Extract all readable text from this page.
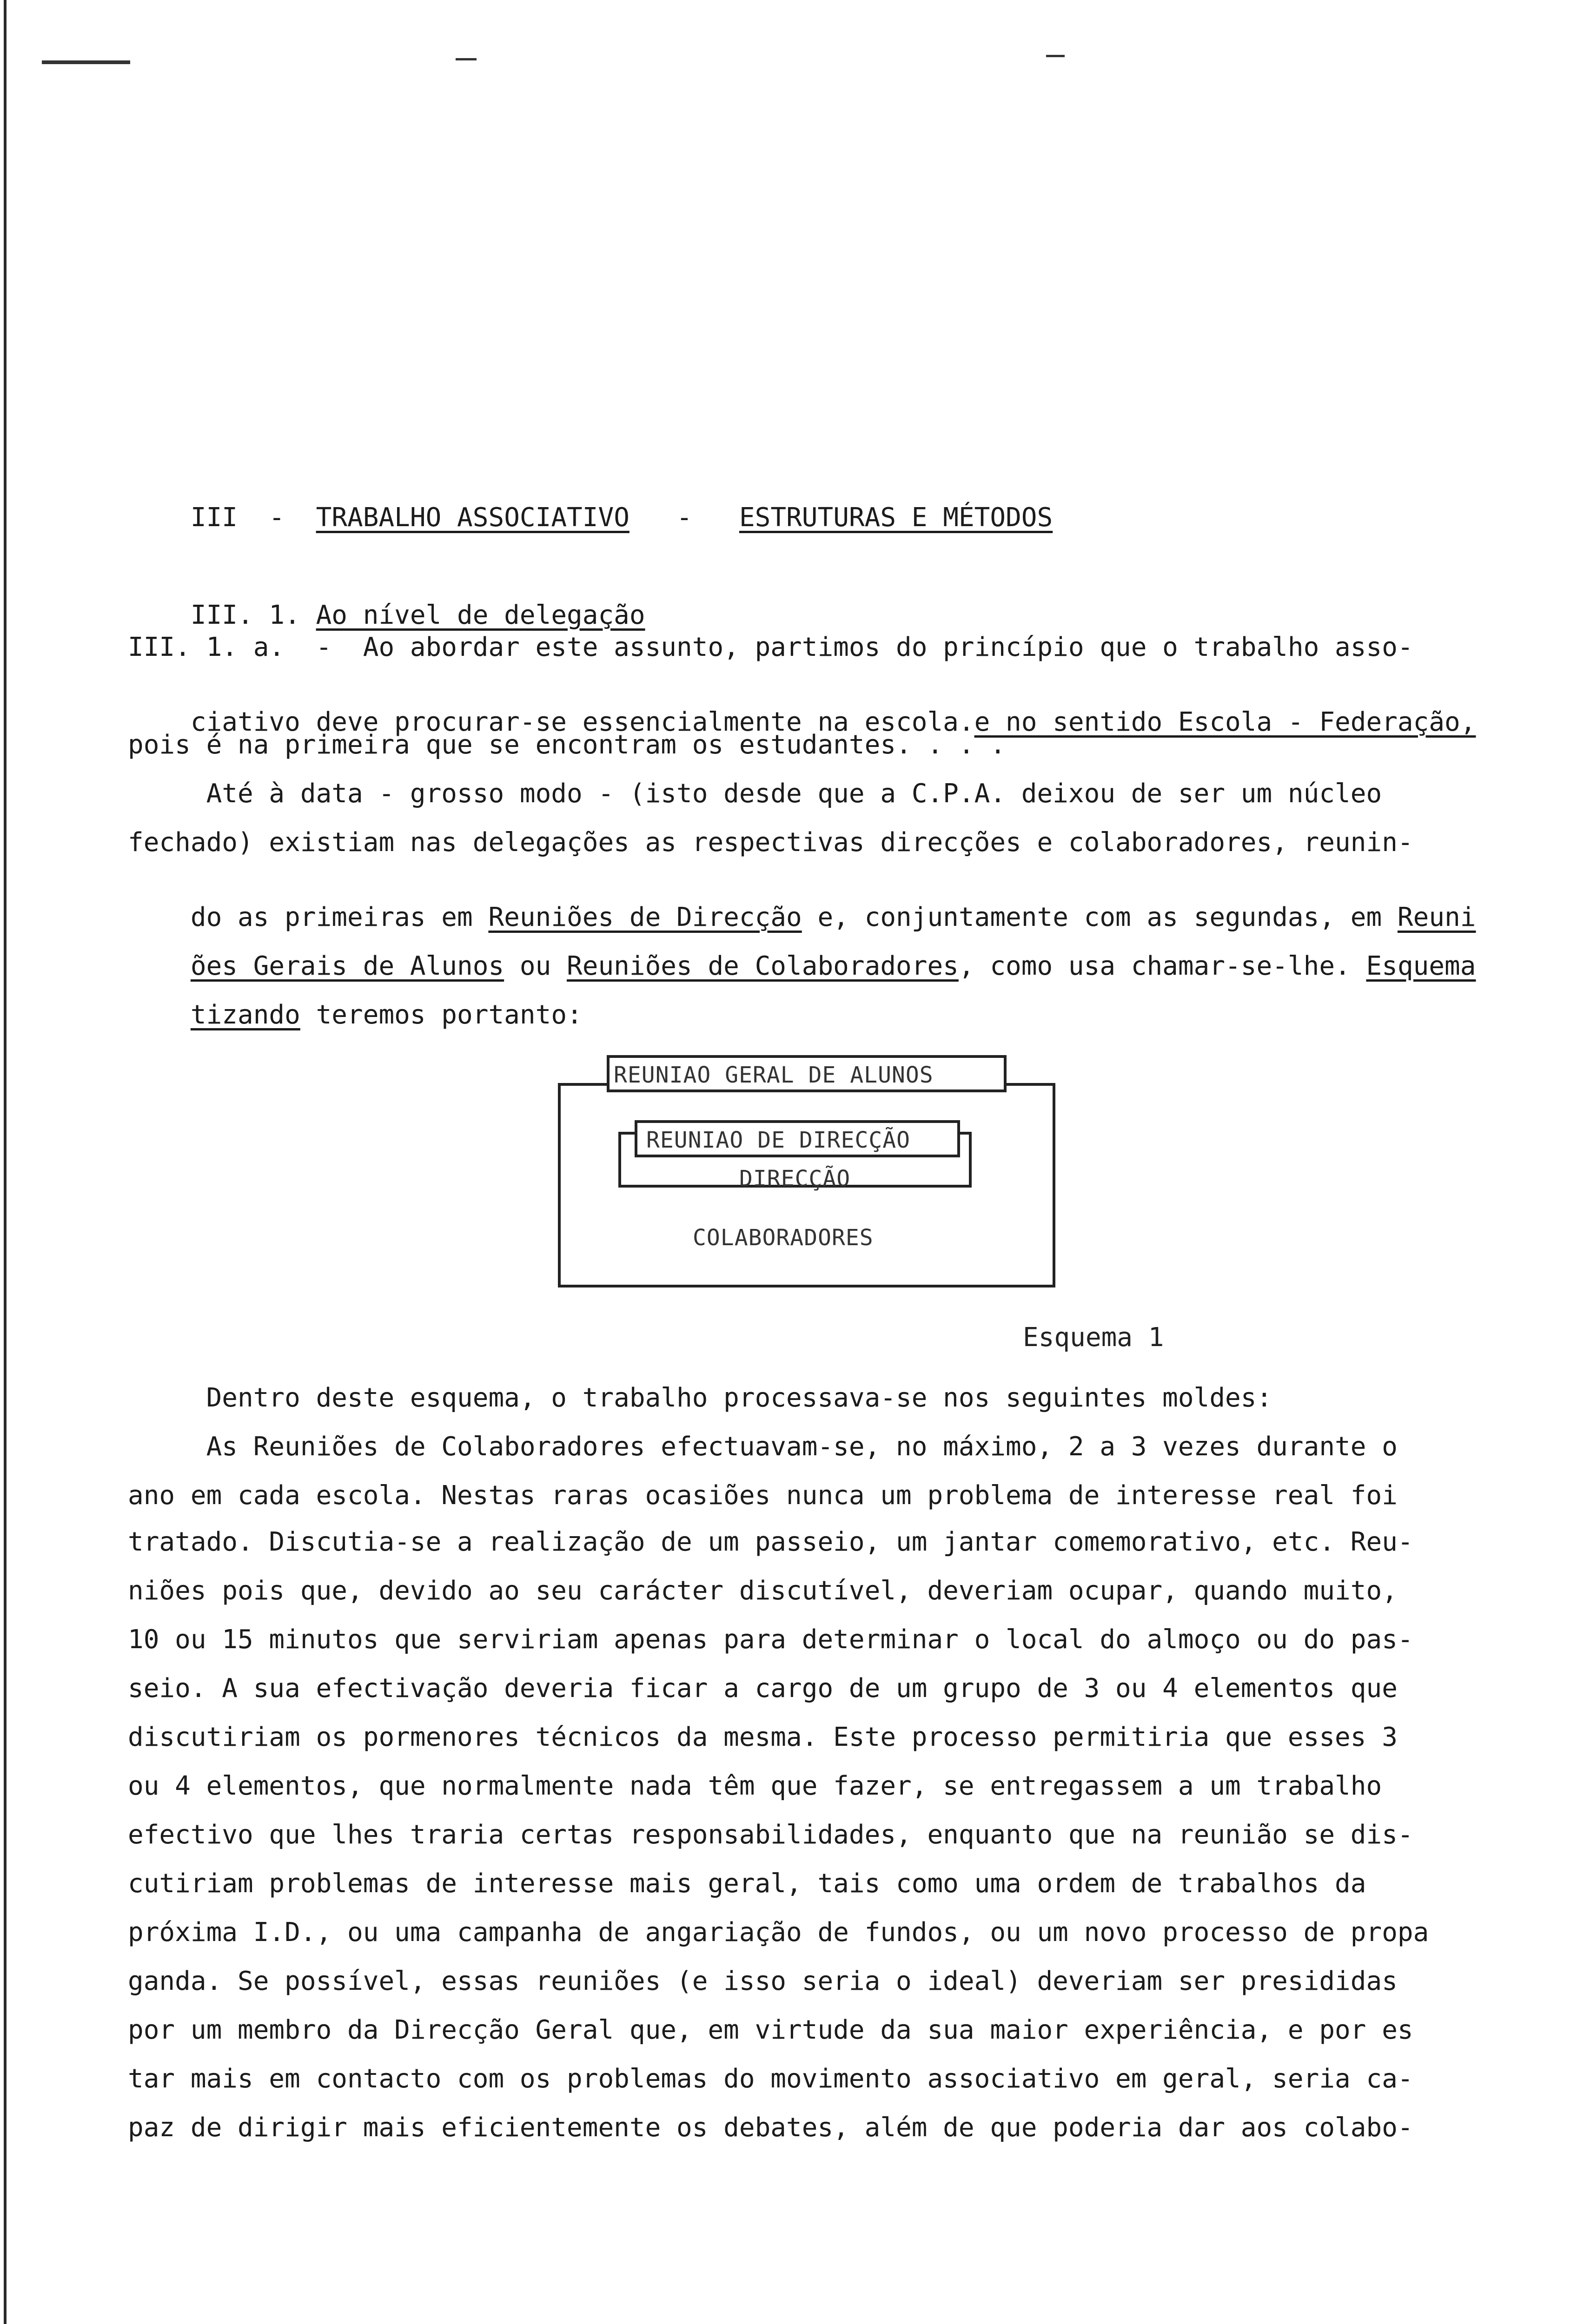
III - TRABALHO ASSOCIATIVO - ESTRUTURAS E MÉTODOS

III. 1. Ao nível de delegação

III. 1. a.  -  Ao abordar este assunto, partimos do princípio que o trabalho asso-

ciativo deve procurar-se essencialmente na escola.e no sentido Escola - Federação,

pois é na primeira que se encontram os estudantes. . . .
Até à data - grosso modo - (isto desde que a C.P.A. deixou de ser um núcleo
fechado) existiam nas delegações as respectivas direcções e colaboradores, reunin-

do as primeiras em Reuniões de Direcção e, conjuntamente com as segundas, em Reuni

ões Gerais de Alunos ou Reuniões de Colaboradores, como usa chamar-se-lhe. Esquema

tizando teremos portanto:

REUNIAO GERAL DE ALUNOS
REUNIAO DE DIRECÇÃO
DIRECÇÃO
COLABORADORES
Esquema 1
Dentro deste esquema, o trabalho processava-se nos seguintes moldes:
As Reuniões de Colaboradores efectuavam-se, no máximo, 2 a 3 vezes durante o
ano em cada escola. Nestas raras ocasiões nunca um problema de interesse real foi
tratado. Discutia-se a realização de um passeio, um jantar comemorativo, etc. Reu-
niões pois que, devido ao seu carácter discutível, deveriam ocupar, quando muito,
10 ou 15 minutos que serviriam apenas para determinar o local do almoço ou do pas-
seio. A sua efectivação deveria ficar a cargo de um grupo de 3 ou 4 elementos que
discutiriam os pormenores técnicos da mesma. Este processo permitiria que esses 3
ou 4 elementos, que normalmente nada têm que fazer, se entregassem a um trabalho
efectivo que lhes traria certas responsabilidades, enquanto que na reunião se dis-
cutiriam problemas de interesse mais geral, tais como uma ordem de trabalhos da
próxima I.D., ou uma campanha de angariação de fundos, ou um novo processo de propa
ganda. Se possível, essas reuniões (e isso seria o ideal) deveriam ser presididas
por um membro da Direcção Geral que, em virtude da sua maior experiência, e por es
tar mais em contacto com os problemas do movimento associativo em geral, seria ca-
paz de dirigir mais eficientemente os debates, além de que poderia dar aos colabo-
